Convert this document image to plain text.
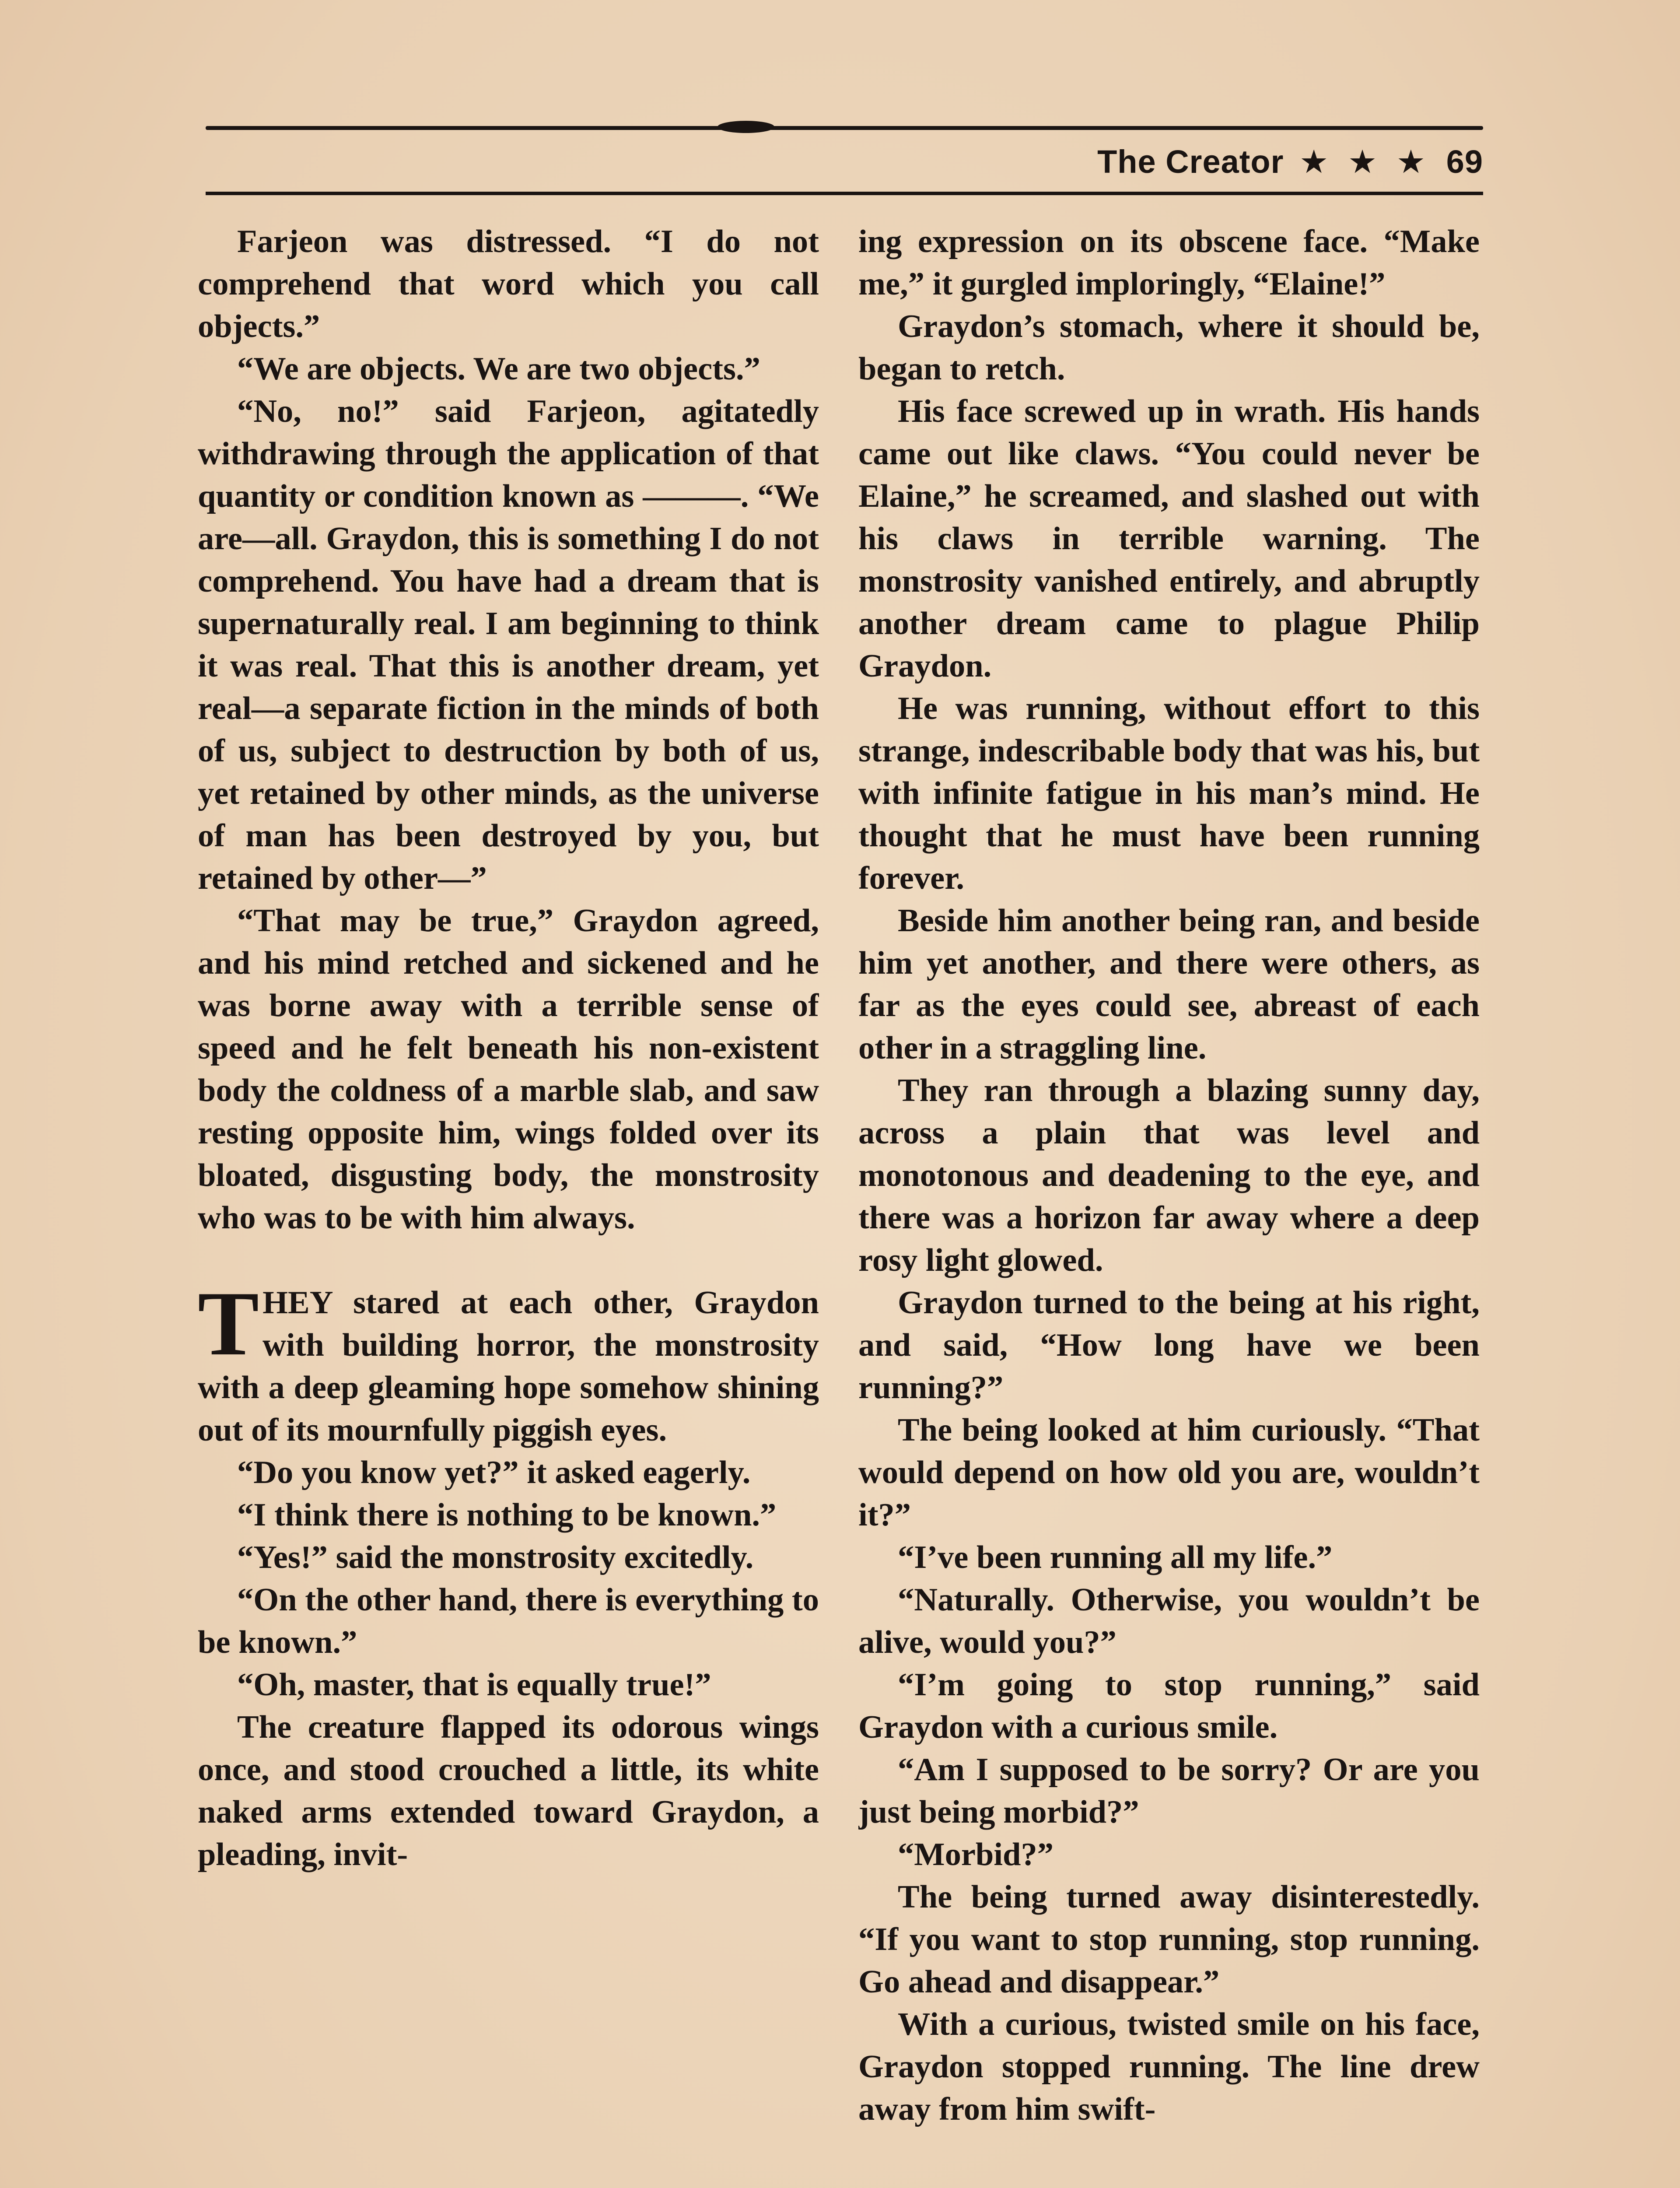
The Creator ★ ★ ★ 69

Farjeon was distressed. “I do not comprehend that word which you call objects.”

“We are objects. We are two objects.”

“No, no!” said Farjeon, agitatedly withdrawing through the application of that quantity or condition known as ———. “We are—all. Graydon, this is something I do not comprehend. You have had a dream that is supernaturally real. I am beginning to think it was real. That this is another dream, yet real—a separate fiction in the minds of both of us, subject to destruction by both of us, yet retained by other minds, as the universe of man has been destroyed by you, but retained by other—”

“That may be true,” Graydon agreed, and his mind retched and sickened and he was borne away with a terrible sense of speed and he felt beneath his non-existent body the coldness of a marble slab, and saw resting opposite him, wings folded over its bloated, disgusting body, the monstrosity who was to be with him always.

THEY stared at each other, Graydon with building horror, the monstrosity with a deep gleaming hope somehow shining out of its mournfully piggish eyes.

“Do you know yet?” it asked eagerly.

“I think there is nothing to be known.”

“Yes!” said the monstrosity excitedly.

“On the other hand, there is everything to be known.”

“Oh, master, that is equally true!”

The creature flapped its odorous wings once, and stood crouched a little, its white naked arms extended toward Graydon, a pleading, invit-

ing expression on its obscene face. “Make me,” it gurgled imploringly, “Elaine!”

Graydon’s stomach, where it should be, began to retch.

His face screwed up in wrath. His hands came out like claws. “You could never be Elaine,” he screamed, and slashed out with his claws in terrible warning. The monstrosity vanished entirely, and abruptly another dream came to plague Philip Graydon.

He was running, without effort to this strange, indescribable body that was his, but with infinite fatigue in his man’s mind. He thought that he must have been running forever.

Beside him another being ran, and beside him yet another, and there were others, as far as the eyes could see, abreast of each other in a straggling line.

They ran through a blazing sunny day, across a plain that was level and monotonous and deadening to the eye, and there was a horizon far away where a deep rosy light glowed.

Graydon turned to the being at his right, and said, “How long have we been running?”

The being looked at him curiously. “That would depend on how old you are, wouldn’t it?”

“I’ve been running all my life.”

“Naturally. Otherwise, you wouldn’t be alive, would you?”

“I’m going to stop running,” said Graydon with a curious smile.

“Am I supposed to be sorry? Or are you just being morbid?”

“Morbid?”

The being turned away disinterestedly. “If you want to stop running, stop running. Go ahead and disappear.”

With a curious, twisted smile on his face, Graydon stopped running. The line drew away from him swift-
